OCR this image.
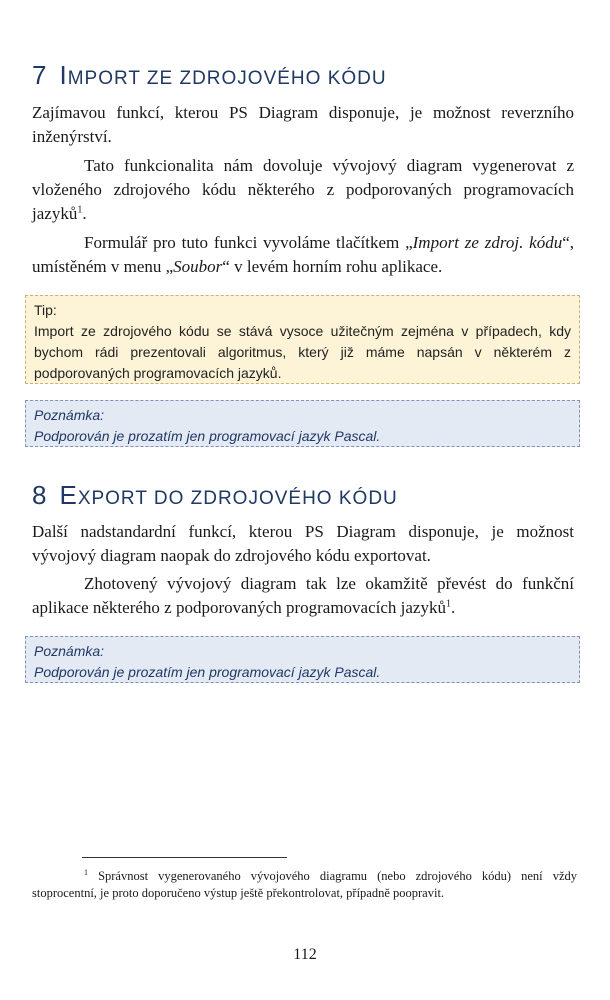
7 IMPORT ZE ZDROJOVÉHO KÓDU

Zajímavou funkcí, kterou PS Diagram disponuje, je možnost reverzního inženýrství.

Tato funkcionalita nám dovoluje vývojový diagram vygenerovat z vloženého zdrojového kódu některého z podporovaných programovacích jazyků$^1$.

Formulář pro tuto funkci vyvoláme tlačítkem „Import ze zdroj. kódu“, umístěném v menu „Soubor“ v levém horním rohu aplikace.

Tip:
Import ze zdrojového kódu se stává vysoce užitečným zejména v případech, kdy bychom rádi prezentovali algoritmus, který již máme napsán v některém z podporovaných programovacích jazyků.
Poznámka:
Podporován je prozatím jen programovací jazyk Pascal.
8 EXPORT DO ZDROJOVÉHO KÓDU

Další nadstandardní funkcí, kterou PS Diagram disponuje, je možnost vývojový diagram naopak do zdrojového kódu exportovat.

Zhotovený vývojový diagram tak lze okamžitě převést do funkční aplikace některého z podporovaných programovacích jazyků$^1$.

Poznámka:
Podporován je prozatím jen programovací jazyk Pascal.

$^1$ Správnost vygenerovaného vývojového diagramu (nebo zdrojového kódu) není vždy stoprocentní, je proto doporučeno výstup ještě překontrolovat, případně poopravit.

112
